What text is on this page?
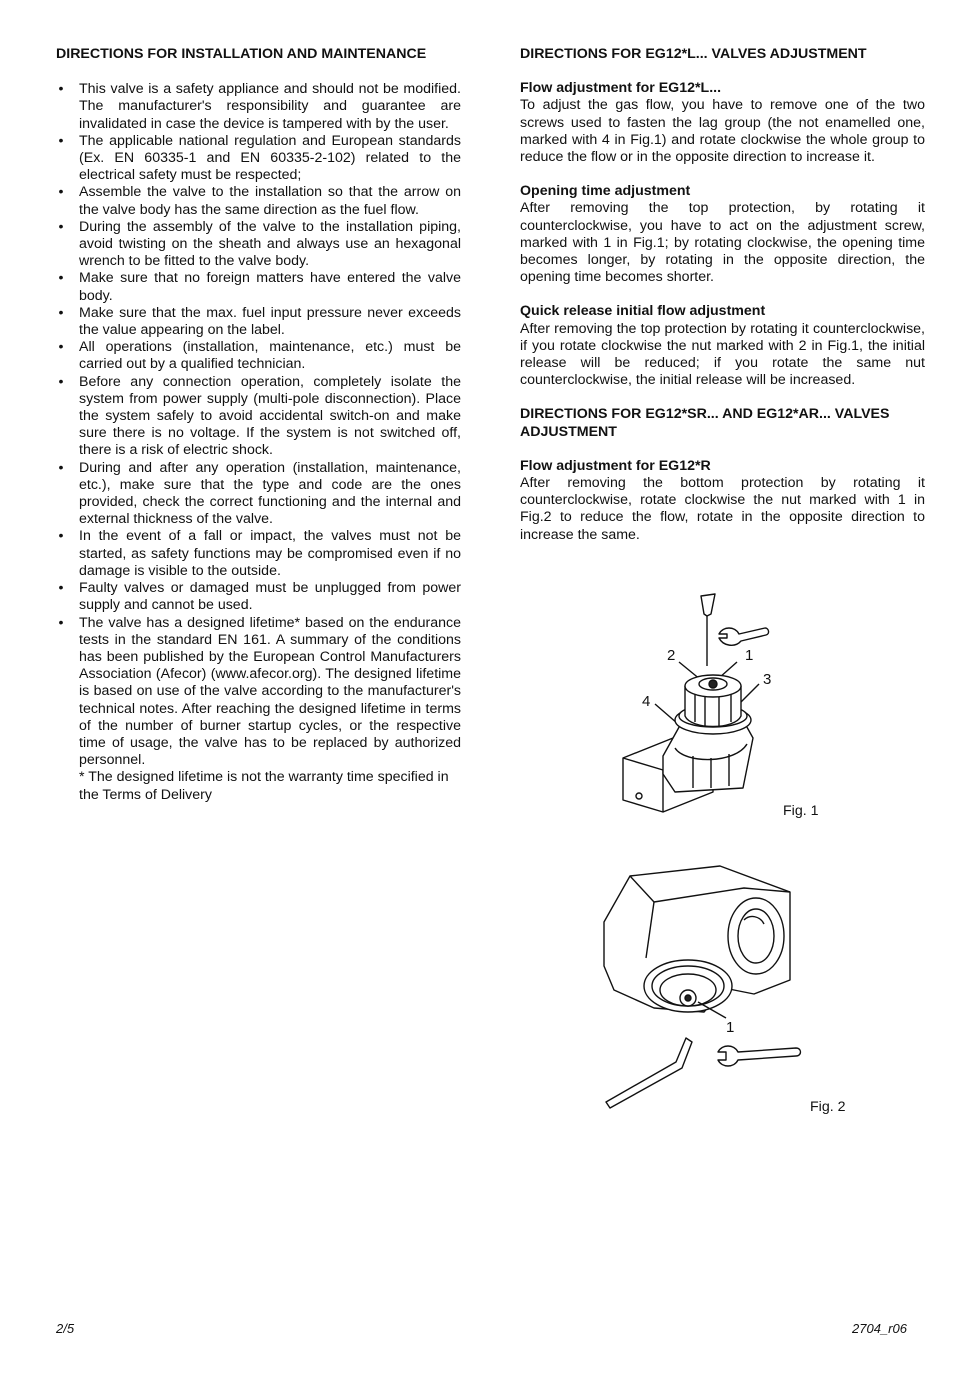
DIRECTIONS FOR INSTALLATION AND MAINTENANCE
• This valve is a safety appliance and should not be modified. The manufacturer's responsibility and guarantee are invalidated in case the device is tampered with by the user.
• The applicable national regulation and European standards (Ex. EN 60335-1 and EN 60335-2-102) related to the electrical safety must be respected;
• Assemble the valve to the installation so that the arrow on the valve body has the same direction as the fuel flow.
• During the assembly of the valve to the installation piping, avoid twisting on the sheath and always use an hexagonal wrench to be fitted to the valve body.
• Make sure that no foreign matters have entered the valve body.
• Make sure that the max. fuel input pressure never exceeds the value appearing on the label.
• All operations (installation, maintenance, etc.) must be carried out by a qualified technician.
• Before any connection operation, completely isolate the system from power supply (multi-pole disconnection). Place the system safely to avoid accidental switch-on and make sure there is no voltage. If the system is not switched off, there is a risk of electric shock.
• During and after any operation (installation, maintenance, etc.), make sure that the type and code are the ones provided, check the correct functioning and the internal and external thickness of the valve.
• In the event of a fall or impact, the valves must not be started, as safety functions may be compromised even if no damage is visible to the outside.
• Faulty valves or damaged must be unplugged from power supply and cannot be used.
• The valve has a designed lifetime* based on the endurance tests in the standard EN 161. A summary of the conditions has been published by the European Control Manufacturers Association (Afecor) (www.afecor.org). The designed lifetime is based on use of the valve according to the manufacturer's technical notes. After reaching the designed lifetime in terms of the number of burner startup cycles, or the respective time of usage, the valve has to be replaced by authorized personnel.
* The designed lifetime is not the warranty time specified in the Terms of Delivery
DIRECTIONS FOR EG12*L... VALVES ADJUSTMENT
Flow adjustment for EG12*L...

To adjust the gas flow, you have to remove one of the two screws used to fasten the lag group (the not enamelled one, marked with 4 in Fig.1) and rotate clockwise the whole group to reduce the flow or in the opposite direction to increase it.

Opening time adjustment

After removing the top protection, by rotating it counterclockwise, you have to act on the adjustment screw, marked with 1 in Fig.1; by rotating clockwise, the opening time becomes longer, by rotating in the opposite direction, the opening time becomes shorter.

Quick release initial flow adjustment

After removing the top protection by rotating it counterclockwise, if you rotate clockwise the nut marked with 2 in Fig.1, the initial release will be reduced; if you rotate the same nut counterclockwise, the initial release will be increased.

DIRECTIONS FOR EG12*SR... AND EG12*AR... VALVES ADJUSTMENT
Flow adjustment for EG12*R

After removing the bottom protection by rotating it counterclockwise, rotate clockwise the nut marked with 1 in Fig.2 to reduce the flow, rotate in the opposite direction to increase the same.

2	1
3
4
Fig. 1
1
Fig. 2
2/5	2704_r06
